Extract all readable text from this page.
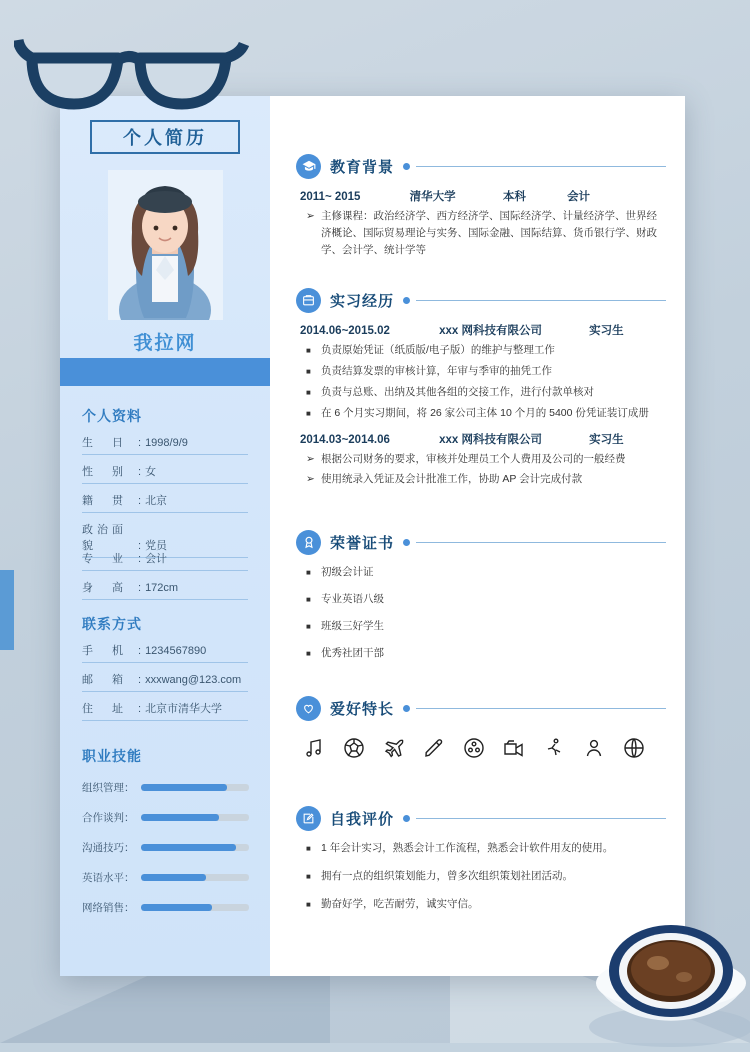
个人简历
我拉网
个人资料
生　日 : 1998/9/9
性　别 : 女
籍　贯 : 北京
政治面貌	: 党员
专　业 : 会计
身　高 : 172cm
联系方式
手　机 : 1234567890
邮　箱 : xxxwang@123.com
住　址 : 北京市清华大学
职业技能
组织管理：
合作谈判：
沟通技巧：
英语水平：
网络销售：
教育背景
2011~ 2015	清华大学	本科	会计
➢ 主修课程：政治经济学、西方经济学、国际经济学、计量经济学、世界经济概论、国际贸易理论与实务、国际金融、国际结算、货币银行学、财政学、会计学、统计学等
实习经历
2014.06~2015.02	xxx 网科技有限公司	实习生
■ 负责原始凭证（纸质版/电子版）的维护与整理工作
■ 负责结算发票的审核计算，年审与季审的抽凭工作
■ 负责与总账、出纳及其他各组的交接工作，进行付款单核对
■ 在 6 个月实习期间，将 26 家公司主体 10 个月的 5400 份凭证装订成册
2014.03~2014.06	xxx 网科技有限公司	实习生
➢ 根据公司财务的要求，审核并处理员工个人费用及公司的一般经费
➢ 使用统录入凭证及会计批准工作，协助 AP 会计完成付款
荣誉证书
■ 初级会计证
■ 专业英语八级
■ 班级三好学生
■ 优秀社团干部
爱好特长
自我评价
■ 1 年会计实习，熟悉会计工作流程，熟悉会计软件用友的使用。
■ 拥有一点的组织策划能力，曾多次组织策划社团活动。
■ 勤奋好学，吃苦耐劳，诚实守信。
